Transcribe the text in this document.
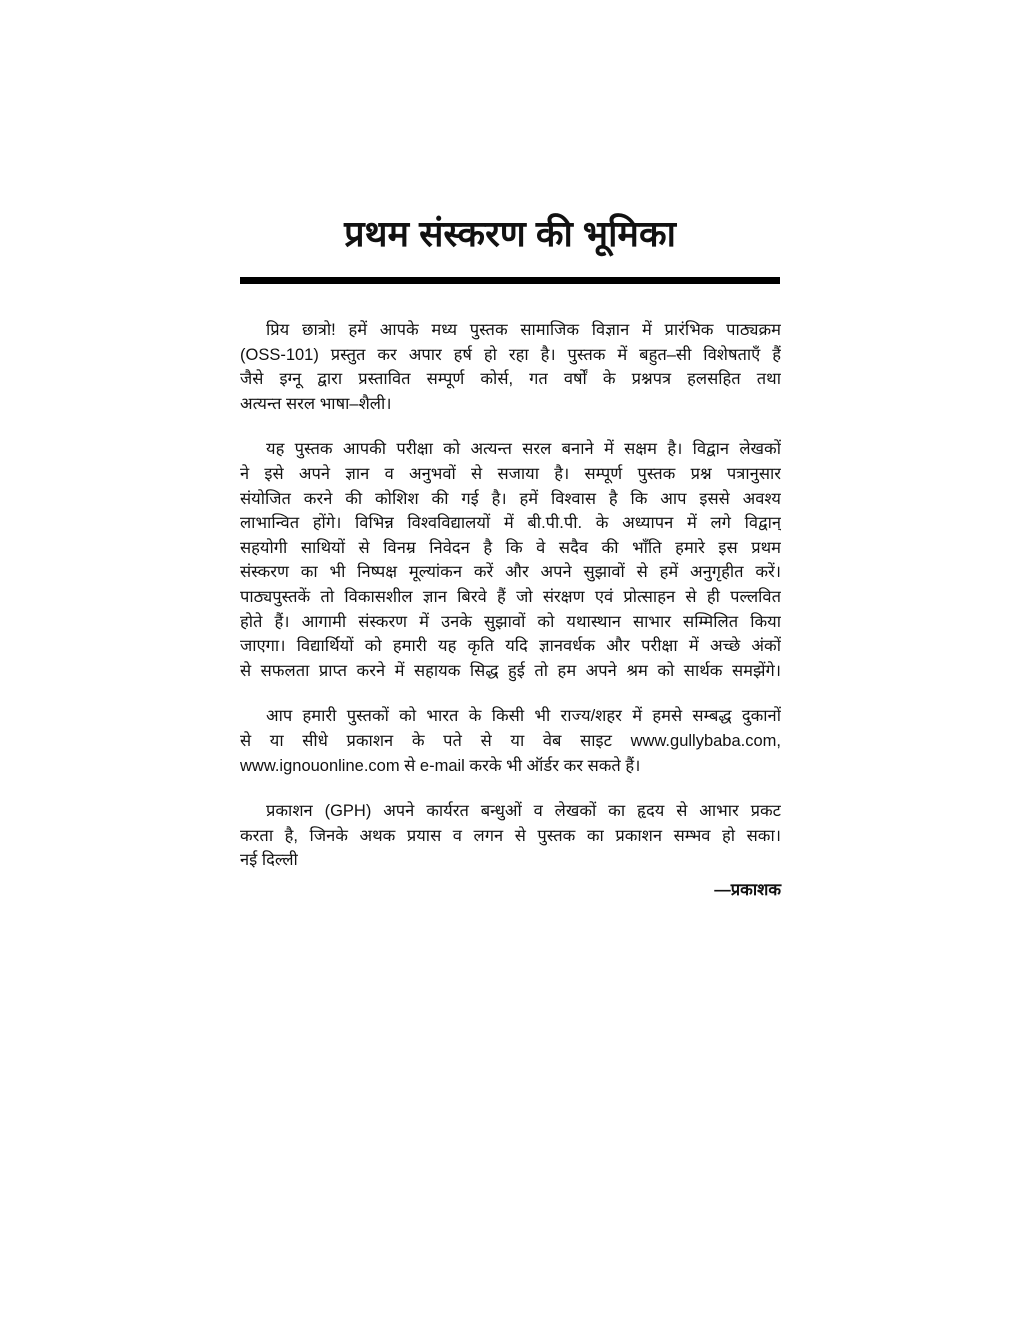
प्रथम संस्करण की भूमिका
प्रिय छात्रो! हमें आपके मध्य पुस्तक सामाजिक विज्ञान में प्रारंभिक पाठ्यक्रम
(OSS-101) प्रस्तुत कर अपार हर्ष हो रहा है। पुस्तक में बहुत–सी विशेषताएँ हैं
जैसे इग्नू द्वारा प्रस्तावित सम्पूर्ण कोर्स, गत वर्षों के प्रश्नपत्र हलसहित तथा
अत्यन्त सरल भाषा–शैली।
यह पुस्तक आपकी परीक्षा को अत्यन्त सरल बनाने में सक्षम है। विद्वान लेखकों
ने इसे अपने ज्ञान व अनुभवों से सजाया है। सम्पूर्ण पुस्तक प्रश्न पत्रानुसार
संयोजित करने की कोशिश की गई है। हमें विश्वास है कि आप इससे अवश्य
लाभान्वित होंगे। विभिन्न विश्वविद्यालयों में बी.पी.पी. के अध्यापन में लगे विद्वान्
सहयोगी साथियों से विनम्र निवेदन है कि वे सदैव की भाँति हमारे इस प्रथम
संस्करण का भी निष्पक्ष मूल्यांकन करें और अपने सुझावों से हमें अनुगृहीत करें।
पाठ्यपुस्तकें तो विकासशील ज्ञान बिरवे हैं जो संरक्षण एवं प्रोत्साहन से ही पल्लवित
होते हैं। आगामी संस्करण में उनके सुझावों को यथास्थान साभार सम्मिलित किया
जाएगा। विद्यार्थियों को हमारी यह कृति यदि ज्ञानवर्धक और परीक्षा में अच्छे अंकों
से सफलता प्राप्त करने में सहायक सिद्ध हुई तो हम अपने श्रम को सार्थक समझेंगे।
आप हमारी पुस्तकों को भारत के किसी भी राज्य/शहर में हमसे सम्बद्ध दुकानों
से या सीधे प्रकाशन के पते से या वेब साइट www.gullybaba.com,
www.ignouonline.com से e-mail करके भी ऑर्डर कर सकते हैं।
प्रकाशन (GPH) अपने कार्यरत बन्धुओं व लेखकों का हृदय से आभार प्रकट
करता है, जिनके अथक प्रयास व लगन से पुस्तक का प्रकाशन सम्भव हो सका।
नई दिल्ली
—प्रकाशक
